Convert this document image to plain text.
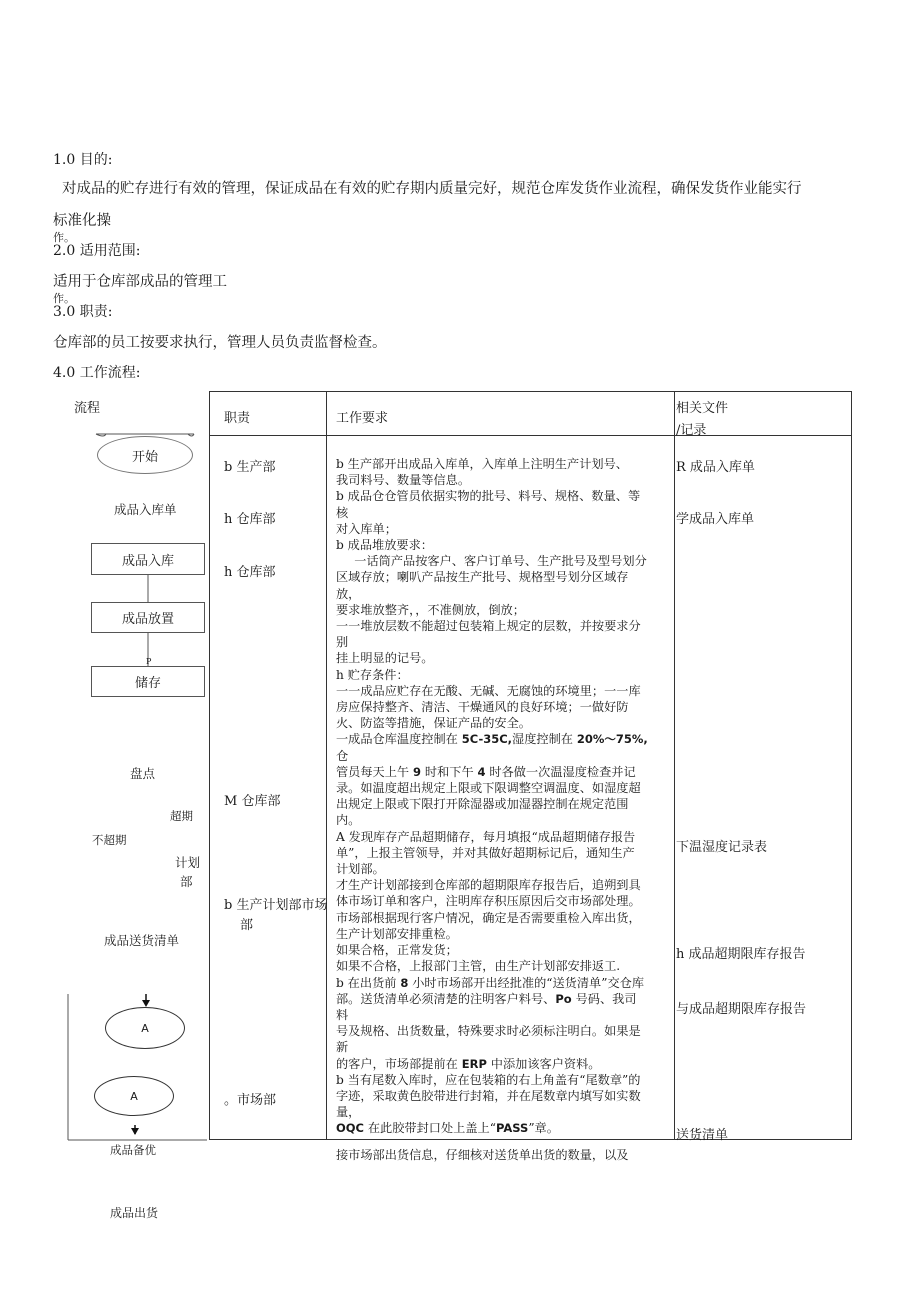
1.0 目的:
对成品的贮存进行有效的管理，保证成品在有效的贮存期内质量完好，规范仓库发货作业流程，确保发货作业能实行
标准化操
作。
2.0 适用范围:
适用于仓库部成品的管理工
作。
3.0 职责:
仓库部的员工按要求执行，管理人员负责监督检查。
4.0 工作流程:
流程
职责	工作要求
相关文件
/记录
b 生产部
h 仓库部
h 仓库部
M 仓库部
b 生产计划部市场
部
。市场部

b 生产部开出成品入库单，入库单上注明生产计划号、

我司料号、数量等信息。

b 成品仓仓管员依据实物的批号、料号、规格、数量、等核

对入库单；

b 成品堆放要求：

一话筒产品按客户、客户订单号、生产批号及型号划分

区域存放；喇叭产品按生产批号、规格型号划分区域存放，

要求堆放整齐，，不准侧放，倒放；

一一堆放层数不能超过包装箱上规定的层数，并按要求分别

挂上明显的记号。

h 贮存条件：

一一成品应贮存在无酸、无碱、无腐蚀的环境里；一一库

房应保持整齐、清洁、干燥通风的良好环境；一做好防

火、防盗等措施，保证产品的安全。

一成品仓库温度控制在 5C-35C,湿度控制在 20%〜75%,仓

管员每天上午 9 时和下午 4 时各做一次温湿度检查并记

录。如温度超出规定上限或下限调整空调温度、如湿度超

出规定上限或下限打开除湿器或加湿器控制在规定范围

内。

A 发现库存产品超期储存，每月填报“成品超期储存报告

单”，上报主管领导，并对其做好超期标记后，通知生产

计划部。

才生产计划部接到仓库部的超期限库存报告后，追朔到具

体市场订单和客户，注明库存积压原因后交市场部处理。

市场部根据现行客户情况，确定是否需要重检入库出货，

生产计划部安排重检。

如果合格，正常发货；

如果不合格，上报部门主管，由生产计划部安排返工.

b 在出货前 8 小时市场部开出经批准的“送货清单”交仓库

部。送货清单必须清楚的注明客户料号、Po 号码、我司料

号及规格、出货数量，特殊要求时必须标注明白。如果是新

的客户，市场部提前在 ERP 中添加该客户资料。

b 当有尾数入库时，应在包装箱的右上角盖有“尾数章”的

字迹，采取黄色胶带进行封箱，并在尾数章内填写如实数量，

OQC 在此胶带封口处上盖上“PASS”章。

接市场部出货信息，仔细核对送货单出货的数量，以及

R 成品入库单
学成品入库单
下温湿度记录表
h 成品超期限库存报告
与成品超期限库存报告
送货清单
开始
成品入库单
成品入库
成品放置
P
储存
盘点
超期
不超期
计划
部
成品送货清单
A
A
成品备优
成品出货
